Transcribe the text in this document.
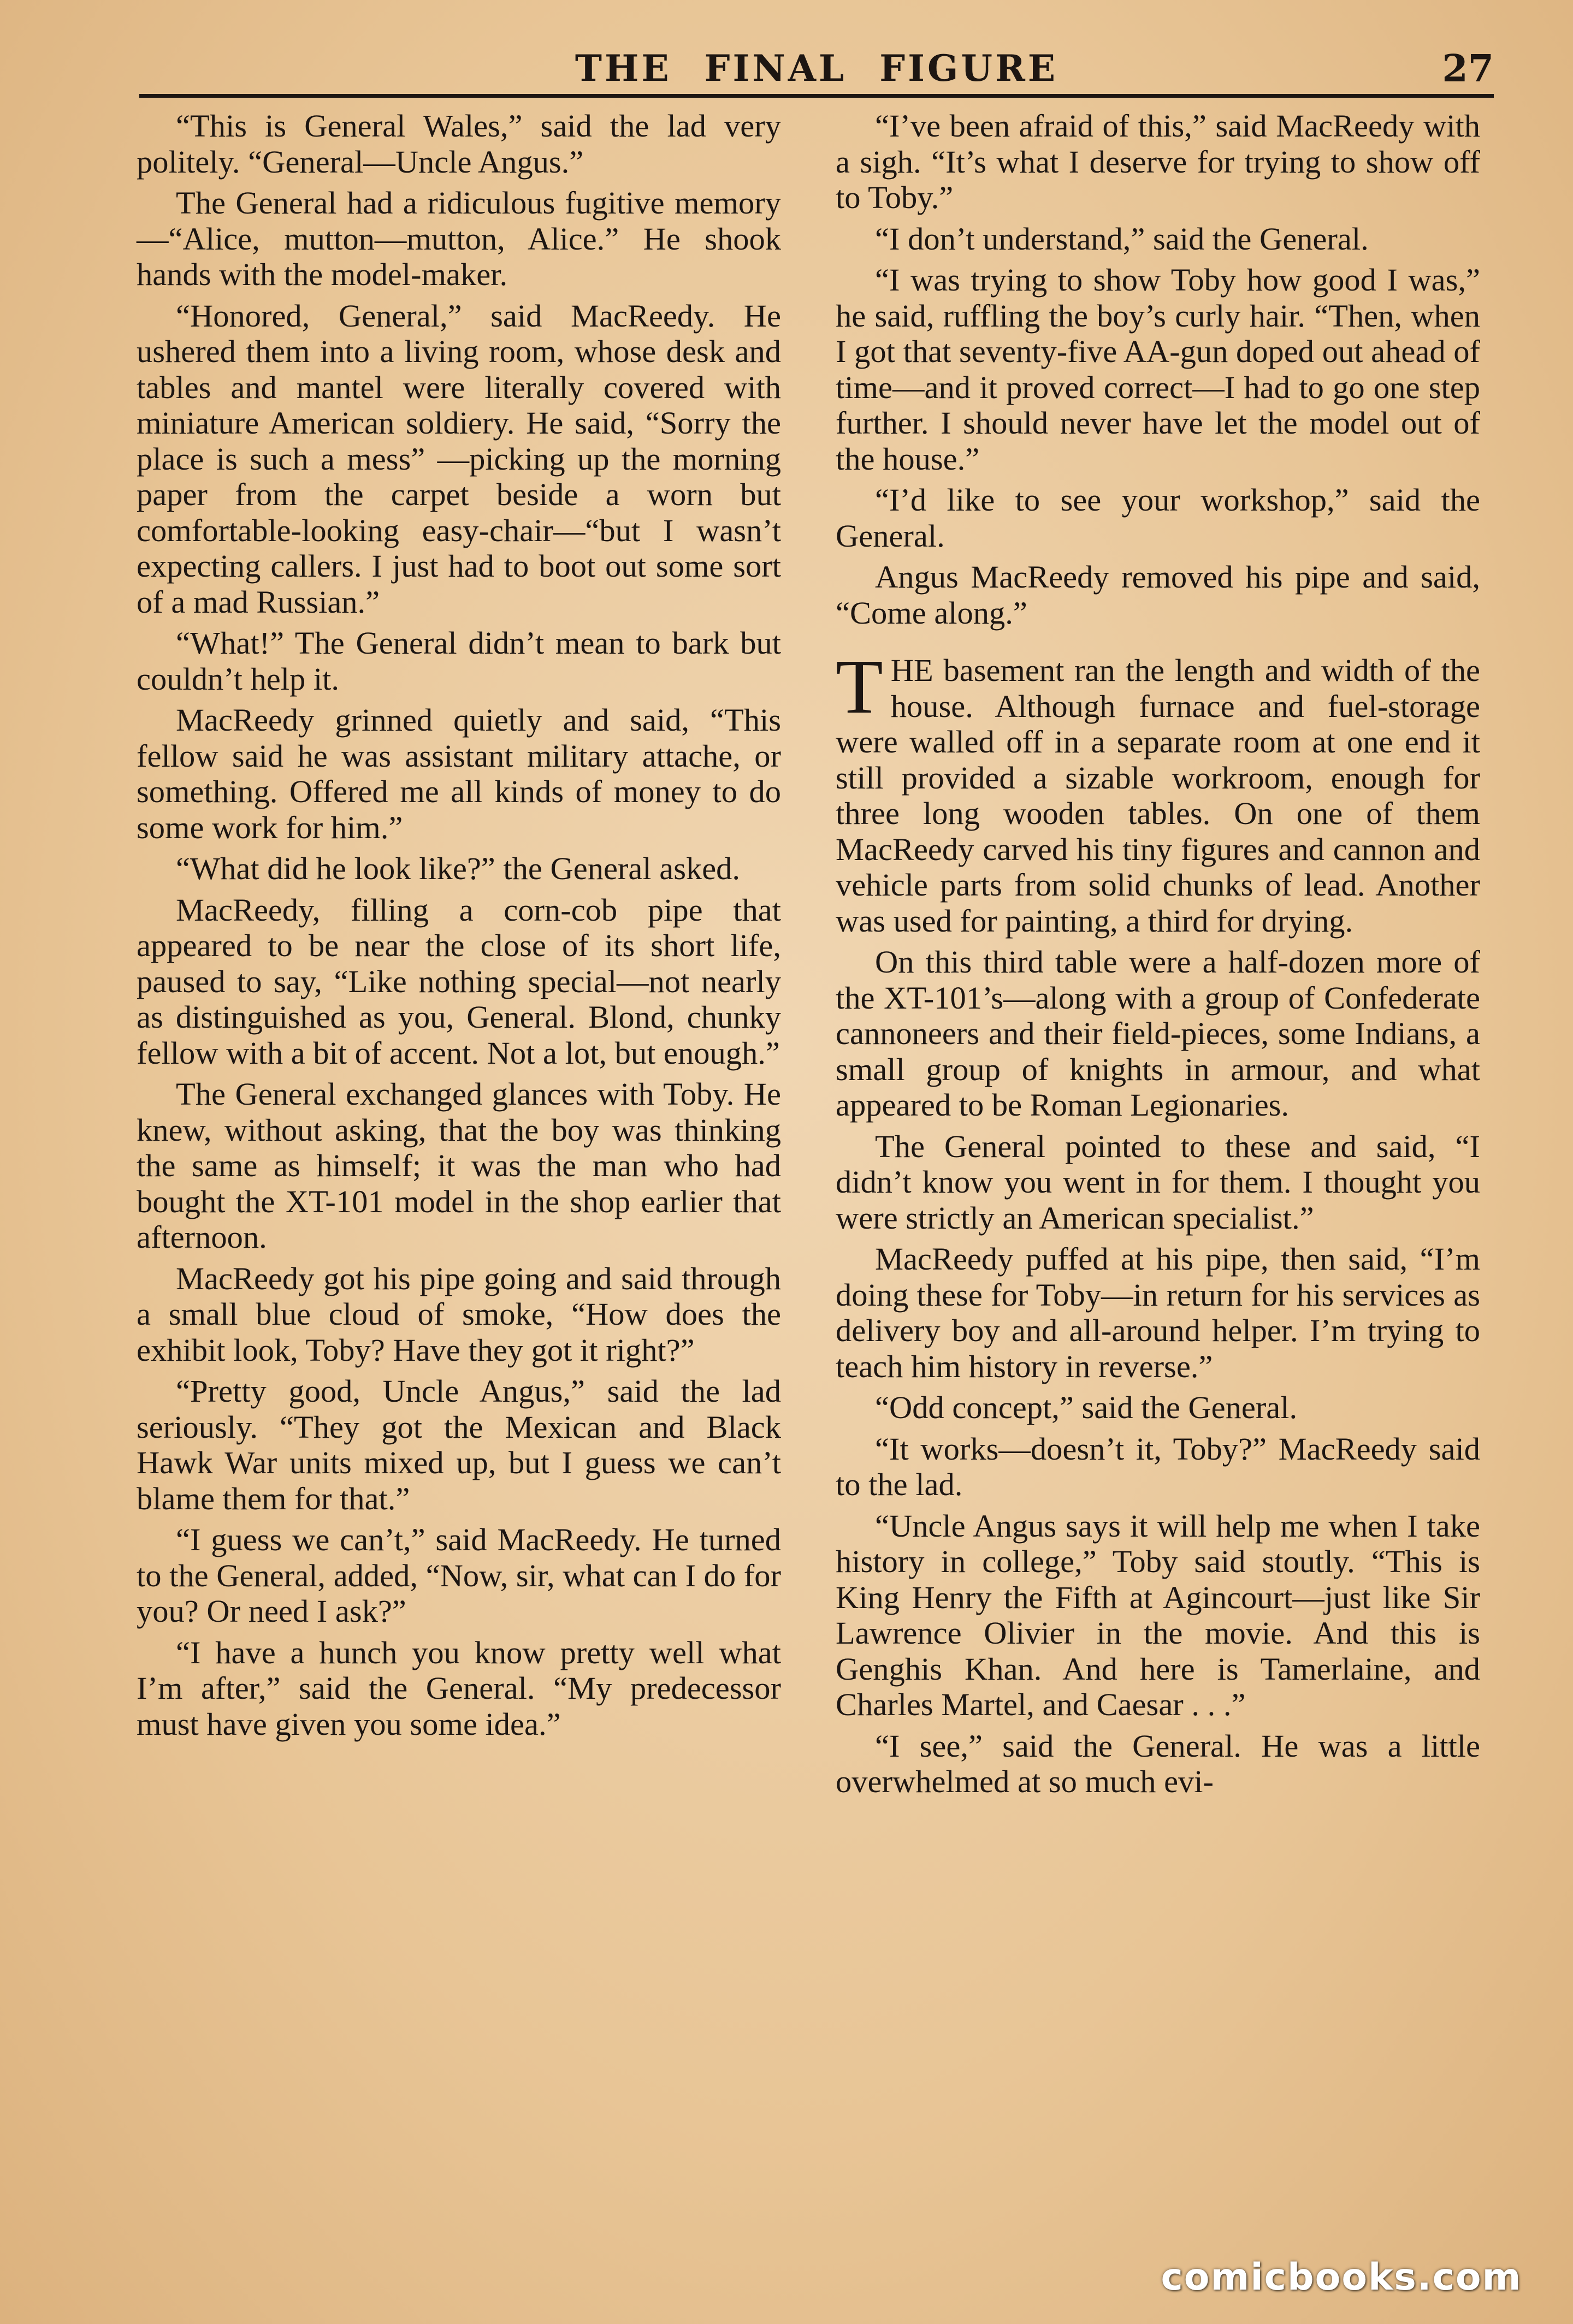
THE FINAL FIGURE	27

“This is General Wales,” said the lad very politely. “General—Uncle Angus.”

The General had a ridiculous fugitive memory—“Alice, mutton—mutton, Alice.” He shook hands with the model-maker.

“Honored, General,” said MacReedy. He ushered them into a living room, whose desk and tables and mantel were literally covered with miniature American soldiery. He said, “Sorry the place is such a mess” —picking up the morning paper from the carpet beside a worn but comfortable-looking easy-chair—“but I wasn’t expecting callers. I just had to boot out some sort of a mad Russian.”

“What!” The General didn’t mean to bark but couldn’t help it.

MacReedy grinned quietly and said, “This fellow said he was assistant military attache, or something. Offered me all kinds of money to do some work for him.”

“What did he look like?” the General asked.

MacReedy, filling a corn-cob pipe that appeared to be near the close of its short life, paused to say, “Like nothing special—not nearly as distinguished as you, General. Blond, chunky fellow with a bit of accent. Not a lot, but enough.”

The General exchanged glances with Toby. He knew, without asking, that the boy was thinking the same as himself; it was the man who had bought the XT-101 model in the shop earlier that afternoon.

MacReedy got his pipe going and said through a small blue cloud of smoke, “How does the exhibit look, Toby? Have they got it right?”

“Pretty good, Uncle Angus,” said the lad seriously. “They got the Mexican and Black Hawk War units mixed up, but I guess we can’t blame them for that.”

“I guess we can’t,” said MacReedy. He turned to the General, added, “Now, sir, what can I do for you? Or need I ask?”

“I have a hunch you know pretty well what I’m after,” said the General. “My predecessor must have given you some idea.”

“I’ve been afraid of this,” said MacReedy with a sigh. “It’s what I deserve for trying to show off to Toby.”

“I don’t understand,” said the General.

“I was trying to show Toby how good I was,” he said, ruffling the boy’s curly hair. “Then, when I got that seventy-five AA-gun doped out ahead of time—and it proved correct—I had to go one step further. I should never have let the model out of the house.”

“I’d like to see your workshop,” said the General.

Angus MacReedy removed his pipe and said, “Come along.”

THE basement ran the length and width of the house. Although furnace and fuel-storage were walled off in a separate room at one end it still provided a sizable workroom, enough for three long wooden tables. On one of them MacReedy carved his tiny figures and cannon and vehicle parts from solid chunks of lead. Another was used for painting, a third for drying.

On this third table were a half-dozen more of the XT-101’s—along with a group of Confederate cannoneers and their field-pieces, some Indians, a small group of knights in armour, and what appeared to be Roman Legionaries.

The General pointed to these and said, “I didn’t know you went in for them. I thought you were strictly an American specialist.”

MacReedy puffed at his pipe, then said, “I’m doing these for Toby—in return for his services as delivery boy and all-around helper. I’m trying to teach him history in reverse.”

“Odd concept,” said the General.

“It works—doesn’t it, Toby?” MacReedy said to the lad.

“Uncle Angus says it will help me when I take history in college,” Toby said stoutly. “This is King Henry the Fifth at Agincourt—just like Sir Lawrence Olivier in the movie. And this is Genghis Khan. And here is Tamerlaine, and Charles Martel, and Caesar . . .”

“I see,” said the General. He was a little overwhelmed at so much evi-

comicbooks.com
